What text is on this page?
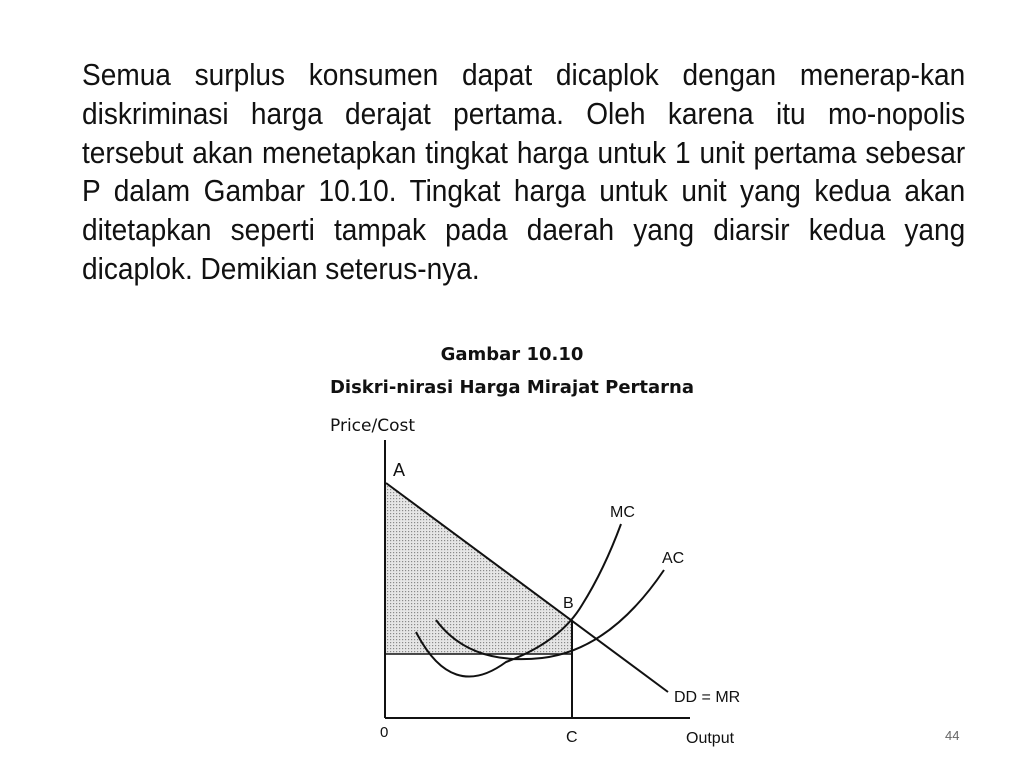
Semua surplus konsumen dapat dicaplok dengan menerap-kan diskriminasi harga derajat pertama. Oleh karena itu mo-nopolis tersebut akan menetapkan tingkat harga untuk 1 unit pertama sebesar P dalam Gambar 10.10. Tingkat harga untuk unit yang kedua akan ditetapkan seperti tampak pada daerah yang diarsir kedua yang dicaplok. Demikian seterus-nya.
Gambar 10.10
Diskri-nirasi Harga Mirajat Pertarna
Price/Cost
A
MC
AC
B
DD = MR
0	C	Output	44
